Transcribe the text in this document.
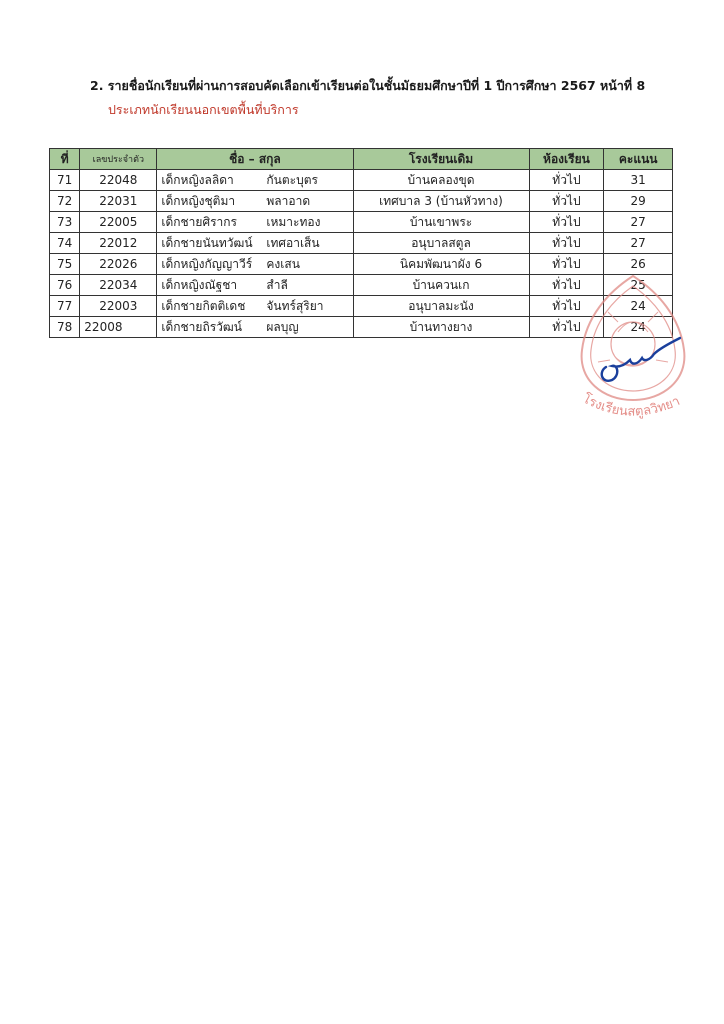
2. รายชื่อนักเรียนที่ผ่านการสอบคัดเลือกเข้าเรียนต่อในชั้นมัธยมศึกษาปีที่ 1 ปีการศึกษา 2567 หน้าที่ 8
ประเภทนักเรียนนอกเขตพื้นที่บริการ
ที่	เลขประจำตัว	ชื่อ – สกุล	โรงเรียนเดิม	ห้องเรียน	คะแนน
71	22048	เด็กหญิงลลิดา กันตะบุตร	บ้านคลองขุด	ทั่วไป	31
72	22031	เด็กหญิงชุติมา พลาอาด	เทศบาล 3 (บ้านหัวทาง)	ทั่วไป	29
73	22005	เด็กชายศิรากร เหมาะทอง	บ้านเขาพระ	ทั่วไป	27
74	22012	เด็กชายนันทวัฒน์ เทศอาเส็น	อนุบาลสตูล	ทั่วไป	27
75	22026	เด็กหญิงกัญญาวีร์ คงเสน	นิคมพัฒนาผัง 6	ทั่วไป	26
76	22034	เด็กหญิงณัฐชา สำลี	บ้านควนเก	ทั่วไป	25
77	22003	เด็กชายกิตติเดช จันทร์สุริยา	อนุบาลมะนัง	ทั่วไป	24
78	22008	เด็กชายถิรวัฒน์ ผลบุญ	บ้านทางยาง	ทั่วไป	24
โรงเรียนสตูลวิทยา
